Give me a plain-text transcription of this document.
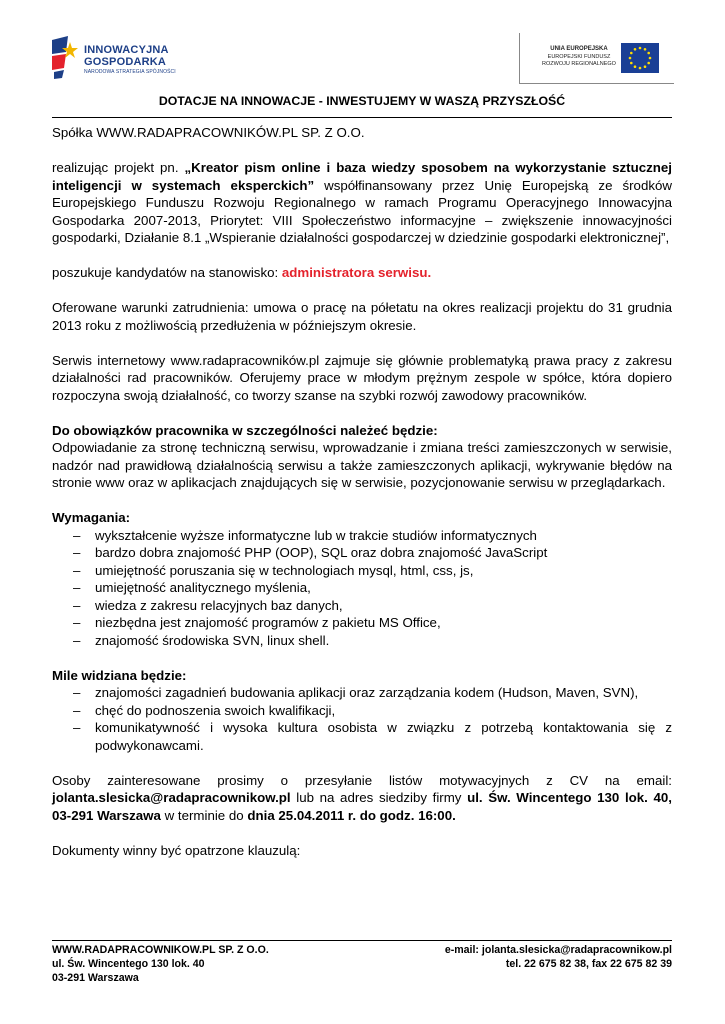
INNOWACYJNA
GOSPODARKA
NARODOWA STRATEGIA SPÓJNOŚCI
UNIA EUROPEJSKA
EUROPEJSKI FUNDUSZ
ROZWOJU REGIONALNEGO
DOTACJE NA INNOWACJE - INWESTUJEMY W WASZĄ PRZYSZŁOŚĆ

Spółka WWW.RADAPRACOWNIKÓW.PL SP. Z O.O.

realizując projekt pn. „Kreator pism online i baza wiedzy sposobem na wykorzystanie sztucznej inteligencji w systemach eksperckich” współfinansowany przez Unię Europejską ze środków Europejskiego Funduszu Rozwoju Regionalnego w ramach Programu Operacyjnego Innowacyjna Gospodarka 2007-2013, Priorytet: VIII Społeczeństwo informacyjne – zwiększenie innowacyjności gospodarki, Działanie 8.1 „Wspieranie działalności gospodarczej w dziedzinie gospodarki elektronicznej”,

poszukuje kandydatów na stanowisko: administratora serwisu.

Oferowane warunki zatrudnienia: umowa o pracę na półetatu na okres realizacji projektu do 31 grudnia 2013 roku z możliwością przedłużenia w późniejszym okresie.

Serwis internetowy www.radapracowników.pl zajmuje się głównie problematyką prawa pracy z zakresu działalności rad pracowników. Oferujemy prace w młodym prężnym zespole w spółce, która dopiero rozpoczyna swoją działalność, co tworzy szanse na szybki rozwój zawodowy pracowników.

Do obowiązków pracownika w szczególności należeć będzie:

Odpowiadanie za stronę techniczną serwisu, wprowadzanie i zmiana treści zamieszczonych w serwisie, nadzór nad prawidłową działalnością serwisu a także zamieszczonych aplikacji, wykrywanie błędów na stronie www oraz w aplikacjach znajdujących się w serwisie, pozycjonowanie serwisu w przeglądarkach.

Wymagania:

– wykształcenie wyższe informatyczne lub w trakcie studiów informatycznych
– bardzo dobra znajomość PHP (OOP), SQL oraz dobra znajomość JavaScript
– umiejętność poruszania się w technologiach mysql, html, css, js,
– umiejętność analitycznego myślenia,
– wiedza z zakresu relacyjnych baz danych,
– niezbędna jest znajomość programów z pakietu MS Office,
– znajomość środowiska SVN, linux shell.

Mile widziana będzie:

– znajomości zagadnień budowania aplikacji oraz zarządzania kodem (Hudson, Maven, SVN),
– chęć do podnoszenia swoich kwalifikacji,
– komunikatywność i wysoka kultura osobista w związku z potrzebą kontaktowania się z podwykonawcami.

Osoby zainteresowane prosimy o przesyłanie listów motywacyjnych z CV na email: jolanta.slesicka@radapracownikow.pl lub na adres siedziby firmy ul. Św. Wincentego 130 lok. 40, 03-291 Warszawa w terminie do dnia 25.04.2011 r. do godz. 16:00.

Dokumenty winny być opatrzone klauzulą:

WWW.RADAPRACOWNIKOW.PL SP. Z O.O.
ul. Św. Wincentego 130 lok. 40
03-291 Warszawa
e-mail: jolanta.slesicka@radapracownikow.pl
tel. 22 675 82 38, fax 22 675 82 39
